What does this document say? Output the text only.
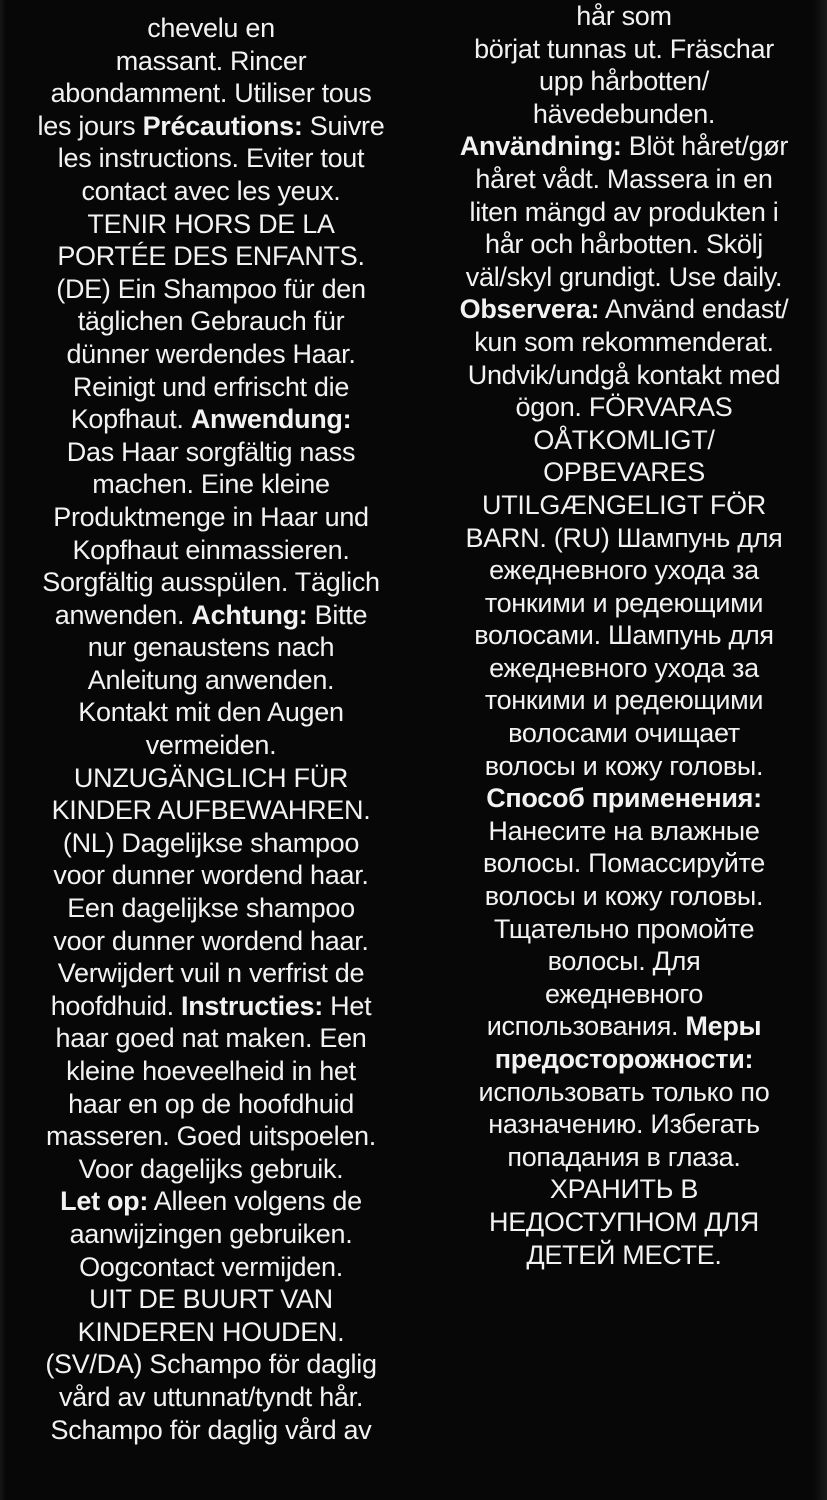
chevelu en
massant. Rincer
abondamment. Utiliser tous
les jours Précautions: Suivre
les instructions. Eviter tout
contact avec les yeux.
TENIR HORS DE LA
PORTÉE DES ENFANTS.
(DE) Ein Shampoo für den
täglichen Gebrauch für
dünner werdendes Haar.
Reinigt und erfrischt die
Kopfhaut. Anwendung:
Das Haar sorgfältig nass
machen. Eine kleine
Produktmenge in Haar und
Kopfhaut einmassieren.
Sorgfältig ausspülen. Täglich
anwenden. Achtung: Bitte
nur genaustens nach
Anleitung anwenden.
Kontakt mit den Augen
vermeiden.
UNZUGÄNGLICH FÜR
KINDER AUFBEWAHREN.
(NL) Dagelijkse shampoo
voor dunner wordend haar.
Een dagelijkse shampoo
voor dunner wordend haar.
Verwijdert vuil n verfrist de
hoofdhuid. Instructies: Het
haar goed nat maken. Een
kleine hoeveelheid in het
haar en op de hoofdhuid
masseren. Goed uitspoelen.
Voor dagelijks gebruik.
Let op: Alleen volgens de
aanwijzingen gebruiken.
Oogcontact vermijden.
UIT DE BUURT VAN
KINDEREN HOUDEN.
(SV/DA) Schampo för daglig
vård av uttunnat/tyndt hår.
Schampo för daglig vård av
hår som
börjat tunnas ut. Fräschar
upp hårbotten/
hävedebunden.
Användning: Blöt håret/gør
håret vådt. Massera in en
liten mängd av produkten i
hår och hårbotten. Skölj
väl/skyl grundigt. Use daily.
Observera: Använd endast/
kun som rekommenderat.
Undvik/undgå kontakt med
ögon. FÖRVARAS
OÅTKOMLIGT/
OPBEVARES
UTILGÆNGELIGT FÖR
BARN. (RU) Шампунь для
ежедневного ухода за
тонкими и редеющими
волосами. Шампунь для
ежедневного ухода за
тонкими и редеющими
волосами очищает
волосы и кожу головы.
Способ применения:
Нанесите на влажные
волосы. Помассируйте
волосы и кожу головы.
Тщательно промойте
волосы. Для
ежедневного
использования. Меры
предосторожности:
использовать только по
назначению. Избегать
попадания в глаза.
ХРАНИТЬ В
НЕДОСТУПНОМ ДЛЯ
ДЕТЕЙ МЕСТЕ.
